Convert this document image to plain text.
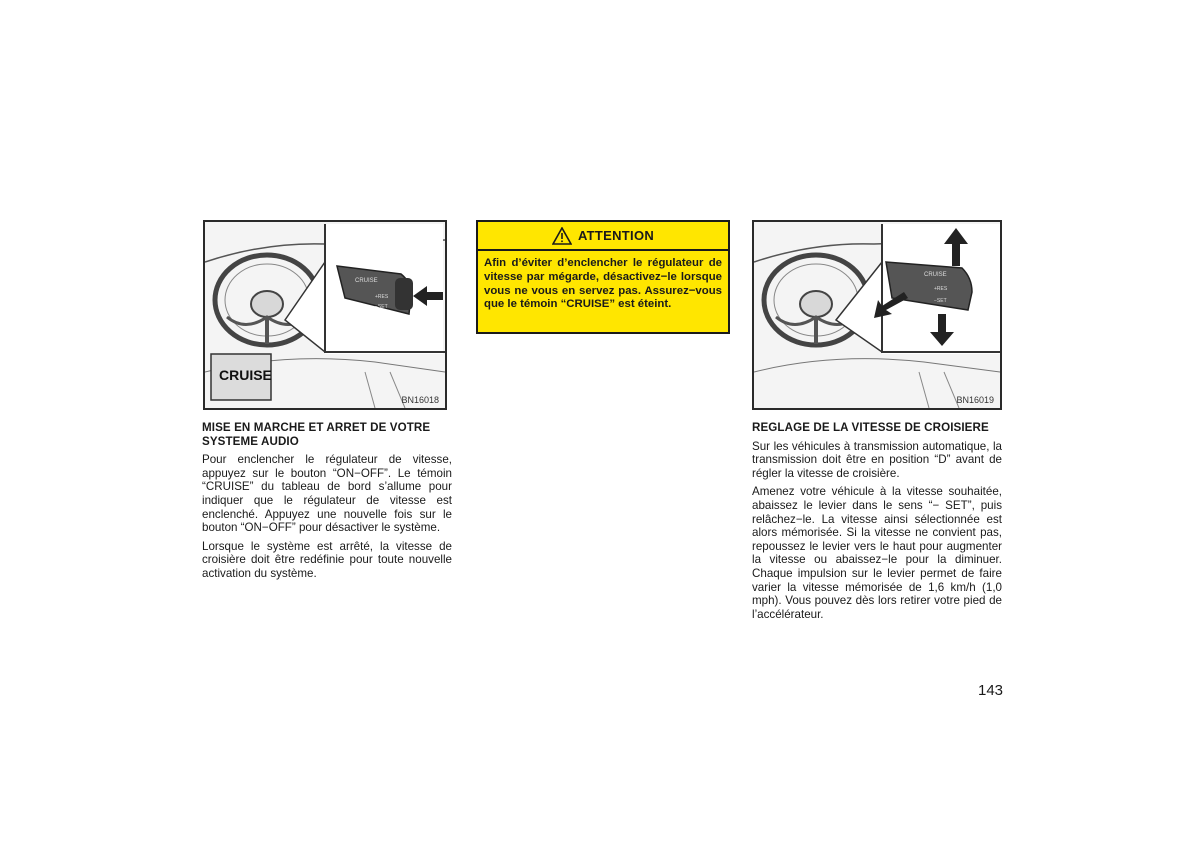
CRUISE
+RES
−SET
CRUISE
BN16018
ATTENTION
Afin d’éviter d’enclencher le régulateur de vitesse par mégarde, désactivez−le lorsque vous ne vous en servez pas. Assurez−vous que le témoin “CRUISE” est éteint.
CRUISE
+RES
−SET
BN16019
MISE EN MARCHE ET ARRET DE VOTRE SYSTEME AUDIO

Pour enclencher le régulateur de vitesse, appuyez sur le bouton “ON−OFF”. Le témoin “CRUISE” du tableau de bord s’allume pour indiquer que le régulateur de vitesse est enclenché. Appuyez une nouvelle fois sur le bouton “ON−OFF” pour désactiver le système.

Lorsque le système est arrêté, la vitesse de croisière doit être redéfinie pour toute nouvelle activation du système.

REGLAGE DE LA VITESSE DE CROISIERE

Sur les véhicules à transmission automatique, la transmission doit être en position “D” avant de régler la vitesse de croisière.

Amenez votre véhicule à la vitesse souhaitée, abaissez le levier dans le sens “− SET”, puis relâchez−le. La vitesse ainsi sélectionnée est alors mémorisée. Si la vitesse ne convient pas, repoussez le levier vers le haut pour augmenter la vitesse ou abaissez−le pour la diminuer. Chaque impulsion sur le levier permet de faire varier la vitesse mémorisée de 1,6 km/h (1,0 mph). Vous pouvez dès lors retirer votre pied de l’accélérateur.

143
